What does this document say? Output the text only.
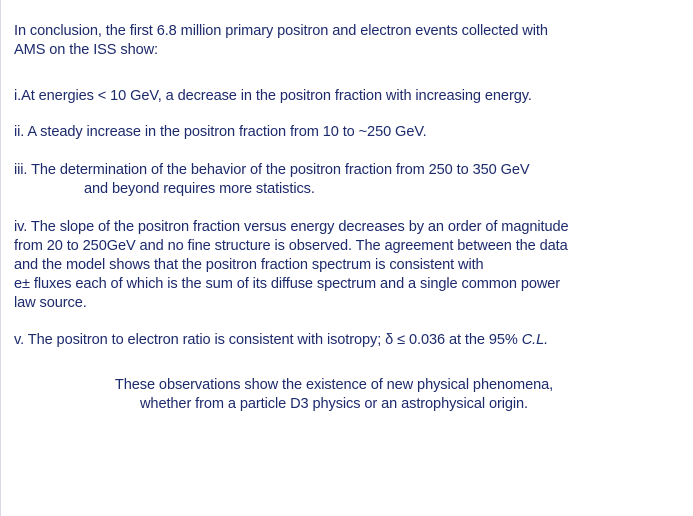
In conclusion, the first 6.8 million primary positron and electron events collected with
AMS on the ISS show:

i.At energies < 10 GeV, a decrease in the positron fraction with increasing energy.

ii. A steady increase in the positron fraction from 10 to ~250 GeV.

iii. The determination of the behavior of the positron fraction from 250 to 350 GeV
and beyond requires more statistics.

iv. The slope of the positron fraction versus energy decreases by an order of magnitude
from 20 to 250GeV and no fine structure is observed. The agreement between the data
and the model shows that the positron fraction spectrum is consistent with
e± fluxes each of which is the sum of its diffuse spectrum and a single common power
law source.

v. The positron to electron ratio is consistent with isotropy; δ ≤ 0.036 at the 95% C.L.

These observations show the existence of new physical phenomena,
whether from a particle D3 physics or an astrophysical origin.
